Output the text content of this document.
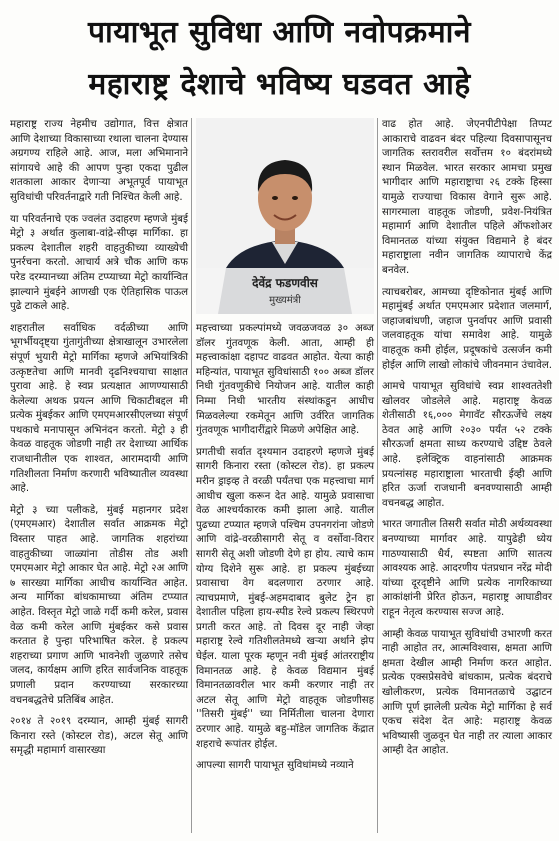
पायाभूत सुविधा आणि नवोपक्रमाने
महाराष्ट्र देशाचे भविष्य घडवत आहे

महाराष्ट्र राज्य नेहमीच उद्योगात, वित्त क्षेत्रात आणि देशाच्या विकासाच्या रथाला चालना देण्यास अग्रगण्य राहिले आहे. आज, मला अभिमानाने सांगायचे आहे की आपण पुन्हा एकदा पुढील शतकाला आकार देणाऱ्या अभूतपूर्व पायाभूत सुविधांची परिवर्तनाद्वारे गती निश्चित केली आहे.

या परिवर्तनाचे एक ज्वलंत उदाहरण म्हणजे मुंबई मेट्रो ३ अर्थात कुलाबा-वांद्रे-सीप्झ मार्गिका. हा प्रकल्प देशातील शहरी वाहतुकीच्या व्याख्येची पुनर्रचना करतो. आचार्य अत्रे चौक आणि कफ परेड दरम्यानच्या अंतिम टप्प्याच्या मेट्रो कार्यान्वित झाल्याने मुंबईने आणखी एक ऐतिहासिक पाऊल पुढे टाकले आहे.

शहरातील सर्वाधिक वर्दळीच्या आणि भूगर्भीयदृष्ट्या गुंतागुंतीच्या क्षेत्राखालून उभारलेला संपूर्ण भुयारी मेट्रो मार्गिका म्हणजे अभियांत्रिकी उत्कृष्टतेचा आणि मानवी दृढनिश्चयाचा साक्षात पुरावा आहे. हे स्वप्न प्रत्यक्षात आणण्यासाठी केलेल्या अथक प्रयत्न आणि चिकाटीबद्दल मी प्रत्येक मुंबईकर आणि एमएमआरसीएलच्या संपूर्ण पथकाचे मनापासून अभिनंदन करतो. मेट्रो ३ ही केवळ वाहतूक जोडणी नाही तर देशाच्या आर्थिक राजधानीतील एक शाश्वत, आरामदायी आणि गतिशीलता निर्माण करणारी भविष्यातील व्यवस्था आहे.

मेट्रो ३ च्या पलीकडे, मुंबई महानगर प्रदेश (एमएमआर) देशातील सर्वात आक्रमक मेट्रो विस्तार पाहत आहे. जागतिक शहरांच्या वाहतुकीच्या जाळ्यांना तोडीस तोड अशी एमएमआर मेट्रो आकार घेत आहे. मेट्रो २अ आणि ७ सारख्या मार्गिका आधीच कार्यान्वित आहेत. अन्य मार्गिका बांधकामाच्या अंतिम टप्प्यात आहेत. विस्तृत मेट्रो जाळे गर्दी कमी करेल, प्रवास वेळ कमी करेल आणि मुंबईकर कसे प्रवास करतात हे पुन्हा परिभाषित करेल. हे प्रकल्प शहराच्या प्रगाण आणि भावनेशी जुळणारे तसेच जलद, कार्यक्षम आणि हरित सार्वजनिक वाहतूक प्रणाली प्रदान करण्याच्या सरकारच्या वचनबद्धतेचे प्रतिबिंब आहेत.

२०१४ ते २०१९ दरम्यान, आम्ही मुंबई सागरी किनारा रस्ते (कोस्टल रोड), अटल सेतू आणि समृद्धी महामार्ग वासारख्या

देवेंद्र फडणवीस
मुख्यमंत्री

महत्त्वाच्या प्रकल्पांमध्ये जवळजवळ ३० अब्ज डॉलर गुंतवणूक केली. आता, आम्ही ही महत्त्वाकांक्षा दहापट वाढवत आहोत. येत्या काही महिन्यांत, पायाभूत सुविधांसाठी १०० अब्ज डॉलर निधी गुंतवणुकीचे नियोजन आहे. यातील काही निम्मा निधी भारतीय संस्थांकडून आधीच मिळवलेल्या रकमेतून आणि उर्वरित जागतिक गुंतवणूक भागीदारींद्वारे मिळणे अपेक्षित आहे.

प्रगतीची सर्वात दृश्यमान उदाहरणे म्हणजे मुंबई सागरी किनारा रस्ता (कोस्टल रोड). हा प्रकल्प मरीन ड्राइव्ह ते वरळी पर्यंतचा एक महत्त्वाचा मार्ग आधीच खुला करून देत आहे. यामुळे प्रवासाचा वेळ आश्चर्यकारक कमी झाला आहे. यातील पुढच्या टप्प्यात म्हणजे पश्चिम उपनगरांना जोडणे आणि वांद्रे-वरळीसागरी सेतू व वर्सोवा-विरार सागरी सेतू अशी जोडणी देणे हा होय. त्याचे काम योग्य दिशेने सुरू आहे. हा प्रकल्प मुंबईच्या प्रवासाचा वेग बदलणारा ठरणार आहे. त्याचप्रमाणे, मुंबई-अहमदाबाद बुलेट ट्रेन हा देशातील पहिला हाय-स्पीड रेल्वे प्रकल्प स्थिरपणे प्रगती करत आहे. तो दिवस दूर नाही जेव्हा महाराष्ट्र रेल्वे गतिशीलतेमध्ये खऱ्या अर्थाने झेप घेईल. याला पूरक म्हणून नवी मुंबई आंतरराष्ट्रीय विमानतळ आहे. हे केवळ विद्यमान मुंबई विमानतळावरील भार कमी करणार नाही तर अटल सेतू आणि मेट्रो वाहतूक जोडणीसह ''तिसरी मुंबई'' च्या निर्मितीला चालना देणारा ठरणार आहे. यामुळे बहु-मॉडेल जागतिक केंद्रात शहराचे रूपांतर होईल.

आपल्या सागरी पायाभूत सुविधांमध्ये नव्याने

वाढ होत आहे. जेएनपीटीपेक्षा तिप्पट आकाराचे वाढवन बंदर पहिल्या दिवसापासूनच जागतिक स्तरावरील सर्वोत्तम १० बंदरांमध्ये स्थान मिळवेल. भारत सरकार आमचा प्रमुख भागीदार आणि महाराष्ट्राचा २६ टक्के हिस्सा यामुळे राज्याचा विकास वेगाने सुरू आहे. सागरमाला वाहतूक जोडणी, प्रवेश-नियंत्रित महामार्ग आणि देशातील पहिले ऑफशोअर विमानतळ यांच्या संयुक्त विद्यमाने हे बंदर महाराष्ट्राला नवीन जागतिक व्यापाराचे केंद्र बनवेल.

त्याचबरोबर, आमच्या दृष्टिकोनात मुंबई आणि महामुंबई अर्थात एमएमआर प्रदेशात जलमार्ग, जहाजबांधणी, जहाज पुनर्वापर आणि प्रवासी जलवाहतूक यांचा समावेश आहे. यामुळे वाहतूक कमी होईल, प्रदूषकांचे उत्सर्जन कमी होईल आणि लाखो लोकांचे जीवनमान उंचावेल.

आमचे पायाभूत सुविधांचे स्वप्न शाश्वततेशी खोलवर जोडलेले आहे. महाराष्ट्र केवळ शेतीसाठी १६,००० मेगावॅट सौरऊर्जेचे लक्ष्य ठेवत आहे आणि २०३० पर्यंत ५२ टक्के सौरऊर्जा क्षमता साध्य करण्याचे उद्दिष्ट ठेवले आहे. इलेक्ट्रिक वाहनांसाठी आक्रमक प्रयत्नांसह महाराष्ट्राला भारताची ईव्ही आणि हरित ऊर्जा राजधानी बनवण्यासाठी आम्ही वचनबद्ध आहोत.

भारत जगातील तिसरी सर्वात मोठी अर्थव्यवस्था बनण्याच्या मार्गावर आहे. यापुढेही ध्येय गाठण्यासाठी धैर्य, स्पष्टता आणि सातत्य आवश्यक आहे. आदरणीय पंतप्रधान नरेंद्र मोदी यांच्या दूरदृष्टीने आणि प्रत्येक नागरिकाच्या आकांक्षांनी प्रेरित होऊन, महाराष्ट्र आघाडीवर राहून नेतृत्व करण्यास सज्ज आहे.

आम्ही केवळ पायाभूत सुविधांची उभारणी करत नाही आहोत तर, आत्मविश्वास, क्षमता आणि क्षमता देखील आम्ही निर्माण करत आहोत. प्रत्येक एक्सप्रेसवेचे बांधकाम, प्रत्येक बंदराचे खोलीकरण, प्रत्येक विमानतळाचे उद्घाटन आणि पूर्ण झालेली प्रत्येक मेट्रो मार्गिका हे सर्व एकच संदेश देत आहे: महाराष्ट्र केवळ भविष्यासी जुळवून घेत नाही तर त्याला आकार आम्ही देत आहोत.
